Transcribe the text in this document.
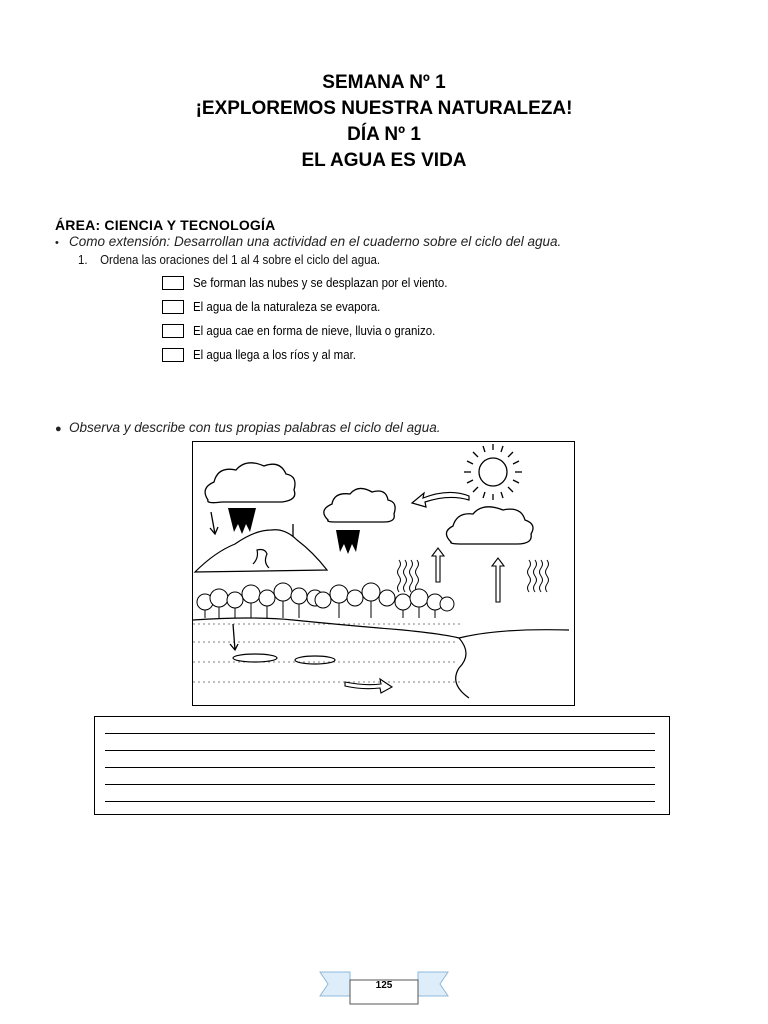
SEMANA Nº 1
¡EXPLOREMOS NUESTRA NATURALEZA!
DÍA Nº 1
EL AGUA ES VIDA
ÁREA: CIENCIA Y TECNOLOGÍA
• Como extensión: Desarrollan una actividad en el cuaderno sobre el ciclo del agua.
1. Ordena las oraciones del 1 al 4 sobre el ciclo del agua.
Se forman las nubes y se desplazan por el viento.
El agua de la naturaleza se evapora.
El agua cae en forma de nieve, lluvia o granizo.
El agua llega a los ríos y al mar.
● Observa y describe con tus propias palabras el ciclo del agua.
125
